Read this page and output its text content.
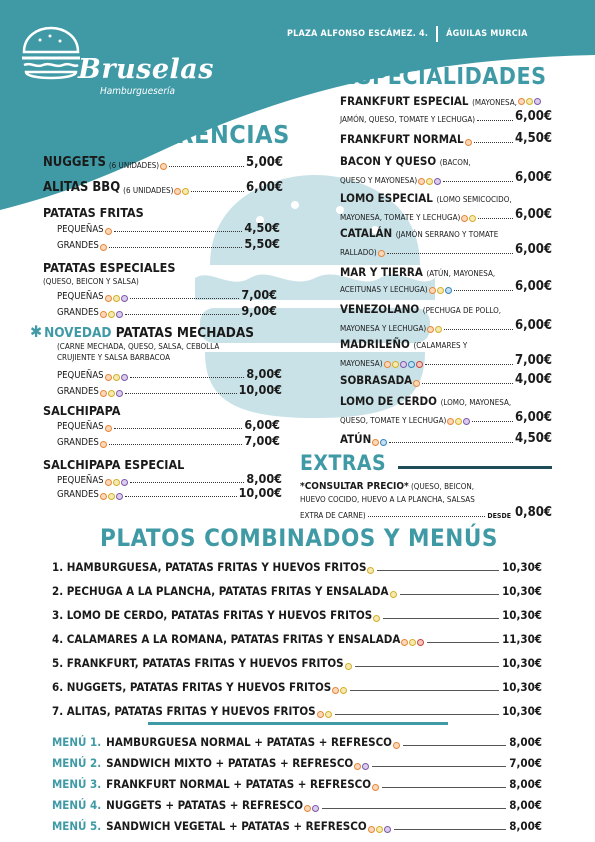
Bruselas
Hamburguesería
PLAZA ALFONSO ESCÁMEZ. 4. ÁGUILAS MURCIA
SUGERENCIAS
NUGGETS
(6 UNIDADES)	5,00€
ALITAS BBQ
(6 UNIDADES)	6,00€
PATATAS FRITAS
PEQUEÑAS	4,50€
GRANDES	5,50€
PATATAS ESPECIALES
(QUESO, BEICON Y SALSA)
PEQUEÑAS	7,00€
GRANDES	9,00€
✱ NOVEDAD PATATAS MECHADAS
(CARNE MECHADA, QUESO, SALSA, CEBOLLA
CRUJIENTE Y SALSA BARBACOA
PEQUEÑAS	8,00€
GRANDES	10,00€
SALCHIPAPA
PEQUEÑAS	6,00€
GRANDES	7,00€
SALCHIPAPA ESPECIAL
PEQUEÑAS	8,00€
GRANDES	10,00€
ESPECIALIDADES
FRANKFURT ESPECIAL (MAYONESA,
JAMÓN, QUESO, TOMATE Y LECHUGA)	6,00€
FRANKFURT NORMAL	4,50€
BACON Y QUESO (BACON,
QUESO Y MAYONESA)	6,00€
LOMO ESPECIAL (LOMO SEMICOCIDO,
MAYONESA, TOMATE Y LECHUGA)	6,00€
CATALÁN (JAMÓN SERRANO Y TOMATE
RALLADO)	6,00€
MAR Y TIERRA (ATÚN, MAYONESA,
ACEITUNAS Y LECHUGA)	6,00€
VENEZOLANO (PECHUGA DE POLLO,
MAYONESA Y LECHUGA)	6,00€
MADRILEÑO (CALAMARES Y
MAYONESA)	7,00€
SOBRASADA	4,00€
LOMO DE CERDO (LOMO, MAYONESA,
QUESO, TOMATE Y LECHUGA)	6,00€
ATÚN	4,50€
EXTRAS
*CONSULTAR PRECIO* (QUESO, BEICON,
HUEVO COCIDO, HUEVO A LA PLANCHA, SALSAS
EXTRA DE CARNE)	DESDE 0,80€
PLATOS COMBINADOS Y MENÚS
1. HAMBURGUESA, PATATAS FRITAS Y HUEVOS FRITOS	10,30€
2. PECHUGA A LA PLANCHA, PATATAS FRITAS Y ENSALADA	10,30€
3. LOMO DE CERDO, PATATAS FRITAS Y HUEVOS FRITOS	10,30€
4. CALAMARES A LA ROMANA, PATATAS FRITAS Y ENSALADA	11,30€
5. FRANKFURT, PATATAS FRITAS Y HUEVOS FRITOS	10,30€
6. NUGGETS, PATATAS FRITAS Y HUEVOS FRITOS	10,30€
7. ALITAS, PATATAS FRITAS Y HUEVOS FRITOS	10,30€
MENÚ 1. HAMBURGUESA NORMAL + PATATAS + REFRESCO	8,00€
MENÚ 2. SANDWICH MIXTO + PATATAS + REFRESCO	7,00€
MENÚ 3. FRANKFURT NORMAL + PATATAS + REFRESCO	8,00€
MENÚ 4. NUGGETS + PATATAS + REFRESCO	8,00€
MENÚ 5. SANDWICH VEGETAL + PATATAS + REFRESCO	8,00€
